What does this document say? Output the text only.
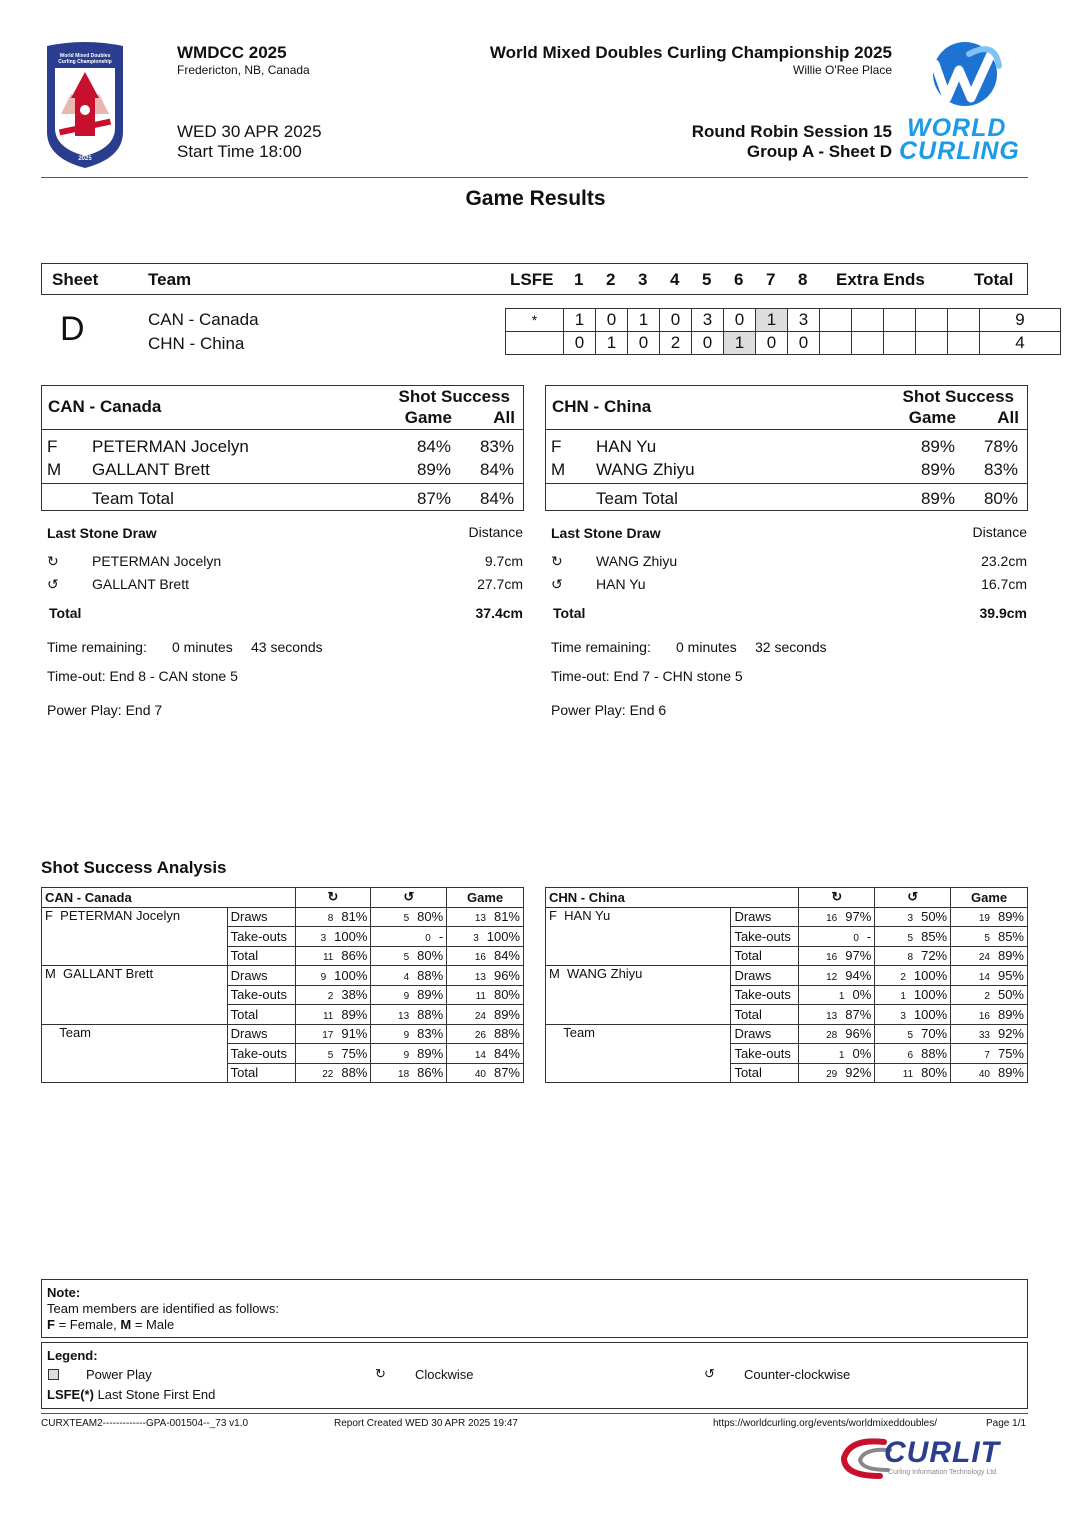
World Mixed Doubles
Curling Championship
FREDERICTON
2025
WMDCC 2025
Fredericton, NB, Canada
WED 30 APR 2025
Start Time 18:00
World Mixed Doubles Curling Championship 2025
Willie O'Ree Place
Round Robin Session 15
Group A - Sheet D
WORLD
CURLING
Game Results
Sheet	Team	LSFE 1 2 3 4 5 6 7 8 Extra Ends	Total
D	CAN - Canada
CHN - China
*	1	0	1	0	3	0	1	3						9
	0	1	0	2	0	1	0	0						4
CAN - Canada
Shot Success
Game All
F PETERMAN Jocelyn	84% 83%
M GALLANT Brett	89% 84%
Team Total	87% 84%
CHN - China
Shot Success
Game All
F HAN Yu	89% 78%
M WANG Zhiyu	89% 83%
Team Total	89% 80%
Last Stone Draw	Distance
↻ PETERMAN Jocelyn	9.7cm
↺ GALLANT Brett	27.7cm
Total	37.4cm
Time remaining: 0 minutes 43 seconds
Time-out: End 8 - CAN stone 5
Power Play: End 7
Last Stone Draw	Distance
↻ WANG Zhiyu	23.2cm
↺ HAN Yu	16.7cm
Total	39.9cm
Time remaining: 0 minutes 32 seconds
Time-out: End 7 - CHN stone 5
Power Play: End 6
Shot Success Analysis
CAN - Canada		↻	↺	Game
F  PETERMAN Jocelyn	Draws	8 81%	5 80%	13 81%
	Take-outs	3 100%	0 -	3 100%
	Total	11 86%	5 80%	16 84%
M  GALLANT Brett	Draws	9 100%	4 88%	13 96%
	Take-outs	2 38%	9 89%	11 80%
	Total	11 89%	13 88%	24 89%
Team	Draws	17 91%	9 83%	26 88%
	Take-outs	5 75%	9 89%	14 84%
	Total	22 88%	18 86%	40 87%
CHN - China		↻	↺	Game
F  HAN Yu	Draws	16 97%	3 50%	19 89%
	Take-outs	0 -	5 85%	5 85%
	Total	16 97%	8 72%	24 89%
M  WANG Zhiyu	Draws	12 94%	2 100%	14 95%
	Take-outs	1 0%	1 100%	2 50%
	Total	13 87%	3 100%	16 89%
Team	Draws	28 96%	5 70%	33 92%
	Take-outs	1 0%	6 88%	7 75%
	Total	29 92%	11 80%	40 89%
Note:
Team members are identified as follows:
F = Female, M = Male
Legend:
Power Play	↻ Clockwise	↺ Counter-clockwise
LSFE(*) Last Stone First End
CURXTEAM2-------------GPA-001504--_73 v1.0	Report Created WED 30 APR 2025 19:47	https://worldcurling.org/events/worldmixeddoubles/	Page 1/1
CURLIT
Curling Information Technology Ltd.
